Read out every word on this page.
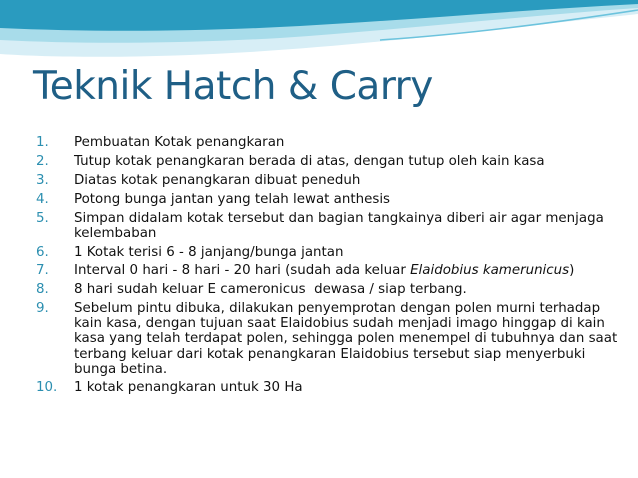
Teknik Hatch & Carry
1.	Pembuatan Kotak penangkaran
2.	Tutup kotak penangkaran berada di atas, dengan tutup oleh kain kasa
3.	Diatas kotak penangkaran dibuat peneduh
4.	Potong bunga jantan yang telah lewat anthesis
5.	Simpan didalam kotak tersebut dan bagian tangkainya diberi air agar menjaga kelembaban
6.	1 Kotak terisi 6 - 8 janjang/bunga jantan
7.	Interval 0 hari - 8 hari - 20 hari (sudah ada keluar Elaidobius kamerunicus)
8.	8 hari sudah keluar E cameronicus  dewasa / siap terbang.
9.	Sebelum pintu dibuka, dilakukan penyemprotan dengan polen murni terhadap kain kasa, dengan tujuan saat Elaidobius sudah menjadi imago hinggap di kain kasa yang telah terdapat polen, sehingga polen menempel di tubuhnya dan saat terbang keluar dari kotak penangkaran Elaidobius tersebut siap menyerbuki bunga betina.
10.	1 kotak penangkaran untuk 30 Ha
